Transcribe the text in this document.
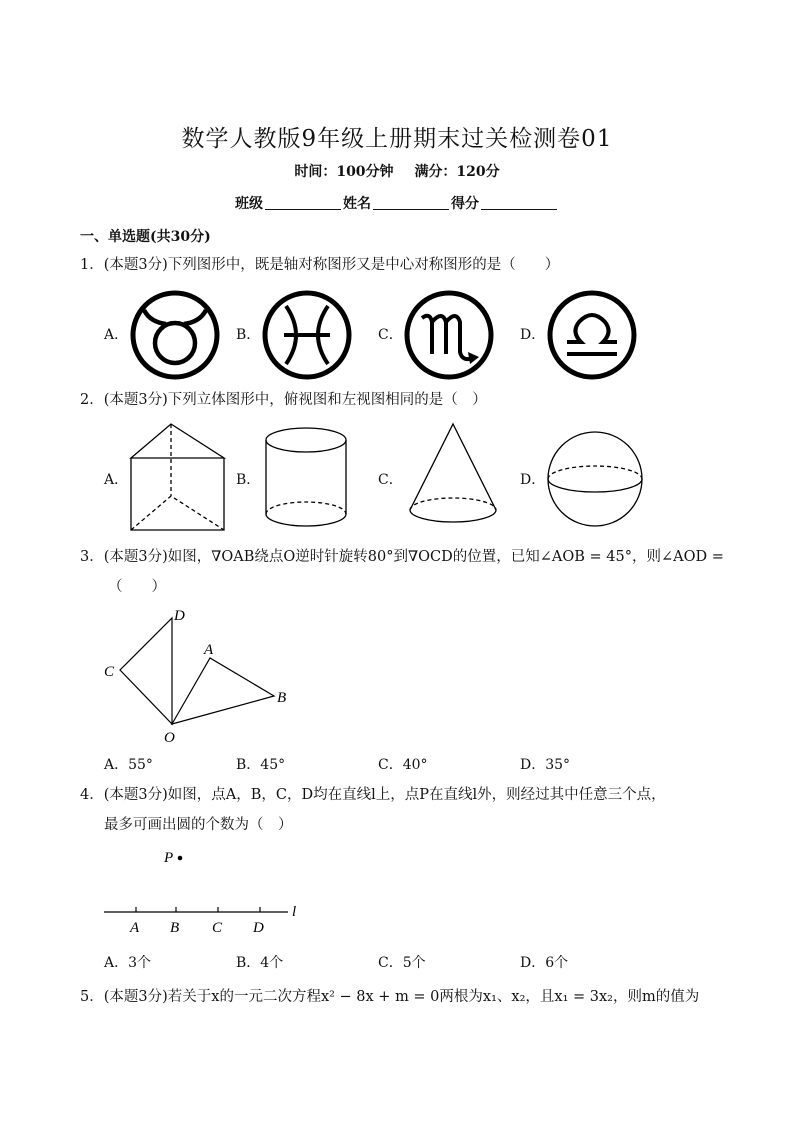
数学人教版9年级上册期末过关检测卷01
时间：100分钟 满分：120分
班级	姓名	得分
一、单选题(共30分)
1．(本题3分)下列图形中，既是轴对称图形又是中心对称图形的是（　　）
A．	B．	C．	D．
2．(本题3分)下列立体图形中，俯视图和左视图相同的是（　）
A．	B．	C．	D．
3．(本题3分)如图，∇OAB绕点O逆时针旋转80°到∇OCD的位置，已知∠AOB = 45°，则∠AOD =
（　　）
D
A
C
B
O
A．55°	B．45°	C．40°	D．35°
4．(本题3分)如图，点A，B，C，D均在直线l上，点P在直线l外，则经过其中任意三个点，
最多可画出圆的个数为（　）
P
l
A B C D
A．3个	B．4个	C．5个	D．6个
5．(本题3分)若关于x的一元二次方程x² − 8x + m = 0两根为x₁、x₂，且x₁ = 3x₂，则m的值为
